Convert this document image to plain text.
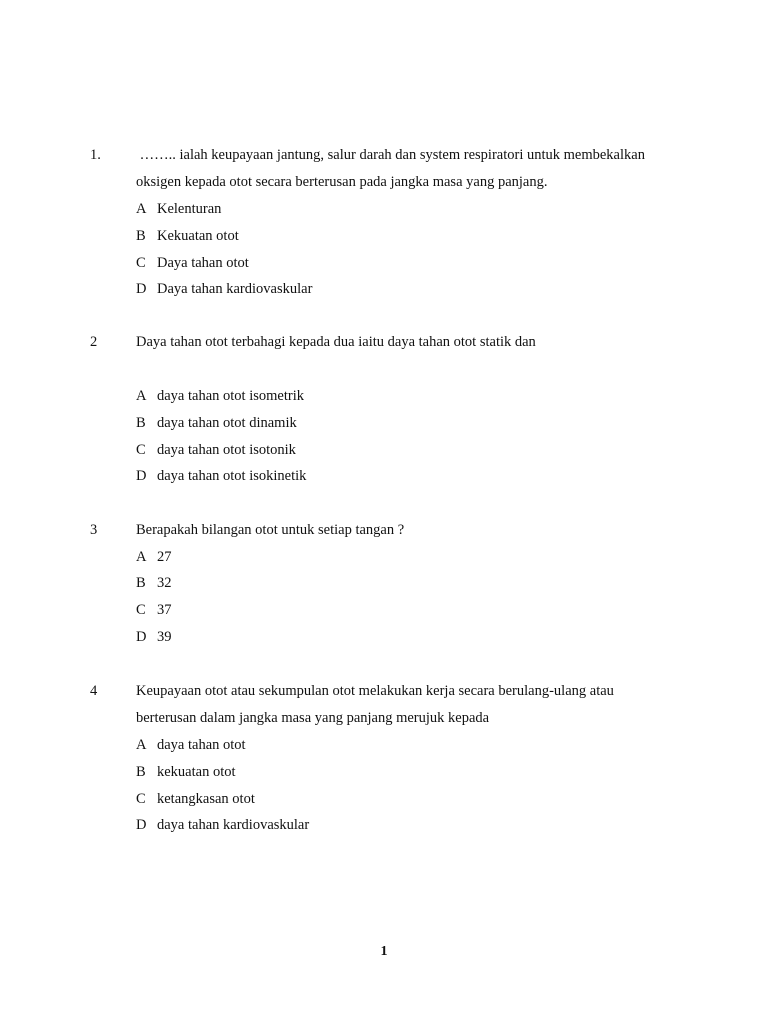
1. …….. ialah keupayaan jantung, salur darah dan system respiratori untuk membekalkan
oksigen kepada otot secara berterusan pada jangka masa yang panjang.
A Kelenturan
B Kekuatan otot
C Daya tahan otot
D Daya tahan kardiovaskular
2	Daya tahan otot terbahagi kepada dua iaitu daya tahan otot statik dan
A daya tahan otot isometrik
B daya tahan otot dinamik
C daya tahan otot isotonik
D daya tahan otot isokinetik
3	Berapakah bilangan otot untuk setiap tangan ?
A 27
B 32
C 37
D 39
4	Keupayaan otot atau sekumpulan otot melakukan kerja secara berulang-ulang atau
berterusan dalam jangka masa yang panjang merujuk kepada
A daya tahan otot
B kekuatan otot
C ketangkasan otot
D daya tahan kardiovaskular
1
